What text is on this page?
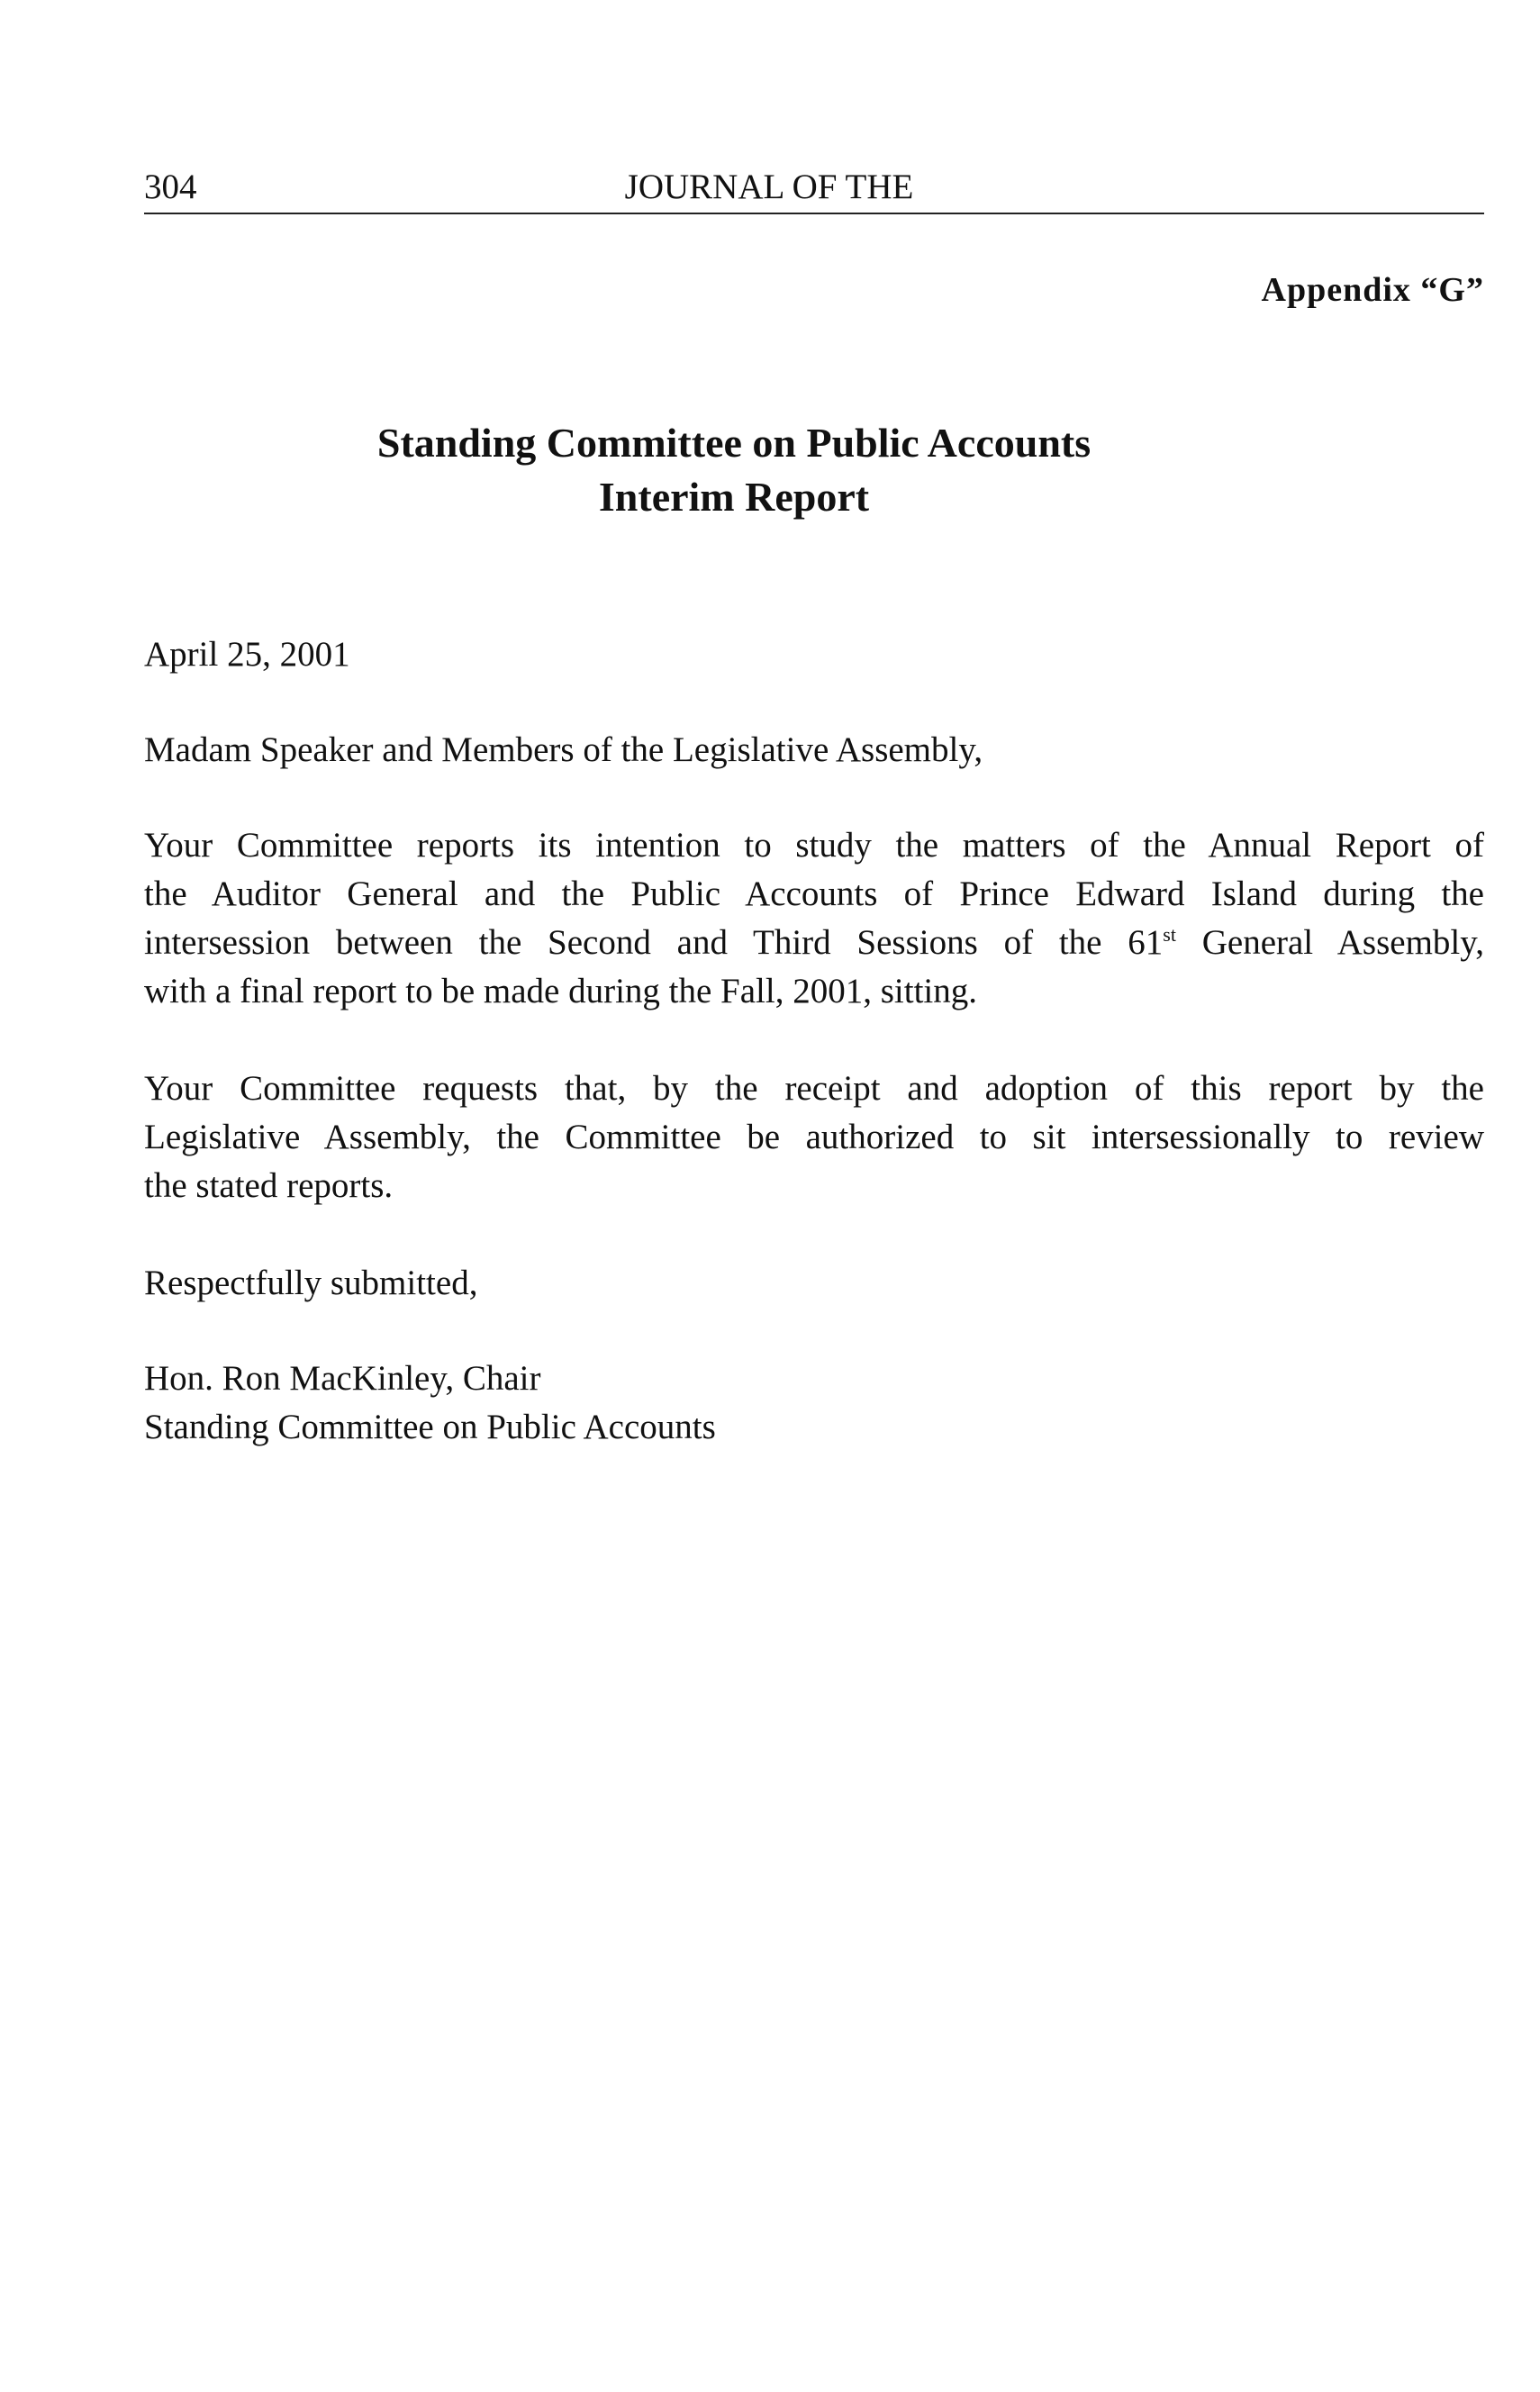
304	JOURNAL OF THE
Appendix “G”
Standing Committee on Public Accounts
Interim Report
April 25, 2001
Madam Speaker and Members of the Legislative Assembly,
Your Committee reports its intention to study the matters of the Annual Report of
the Auditor General and the Public Accounts of Prince Edward Island during the
intersession between the Second and Third Sessions of the 61st General Assembly,
with a final report to be made during the Fall, 2001, sitting.
Your Committee requests that, by the receipt and adoption of this report by the
Legislative Assembly, the Committee be authorized to sit intersessionally to review
the stated reports.
Respectfully submitted,
Hon. Ron MacKinley, Chair
Standing Committee on Public Accounts
